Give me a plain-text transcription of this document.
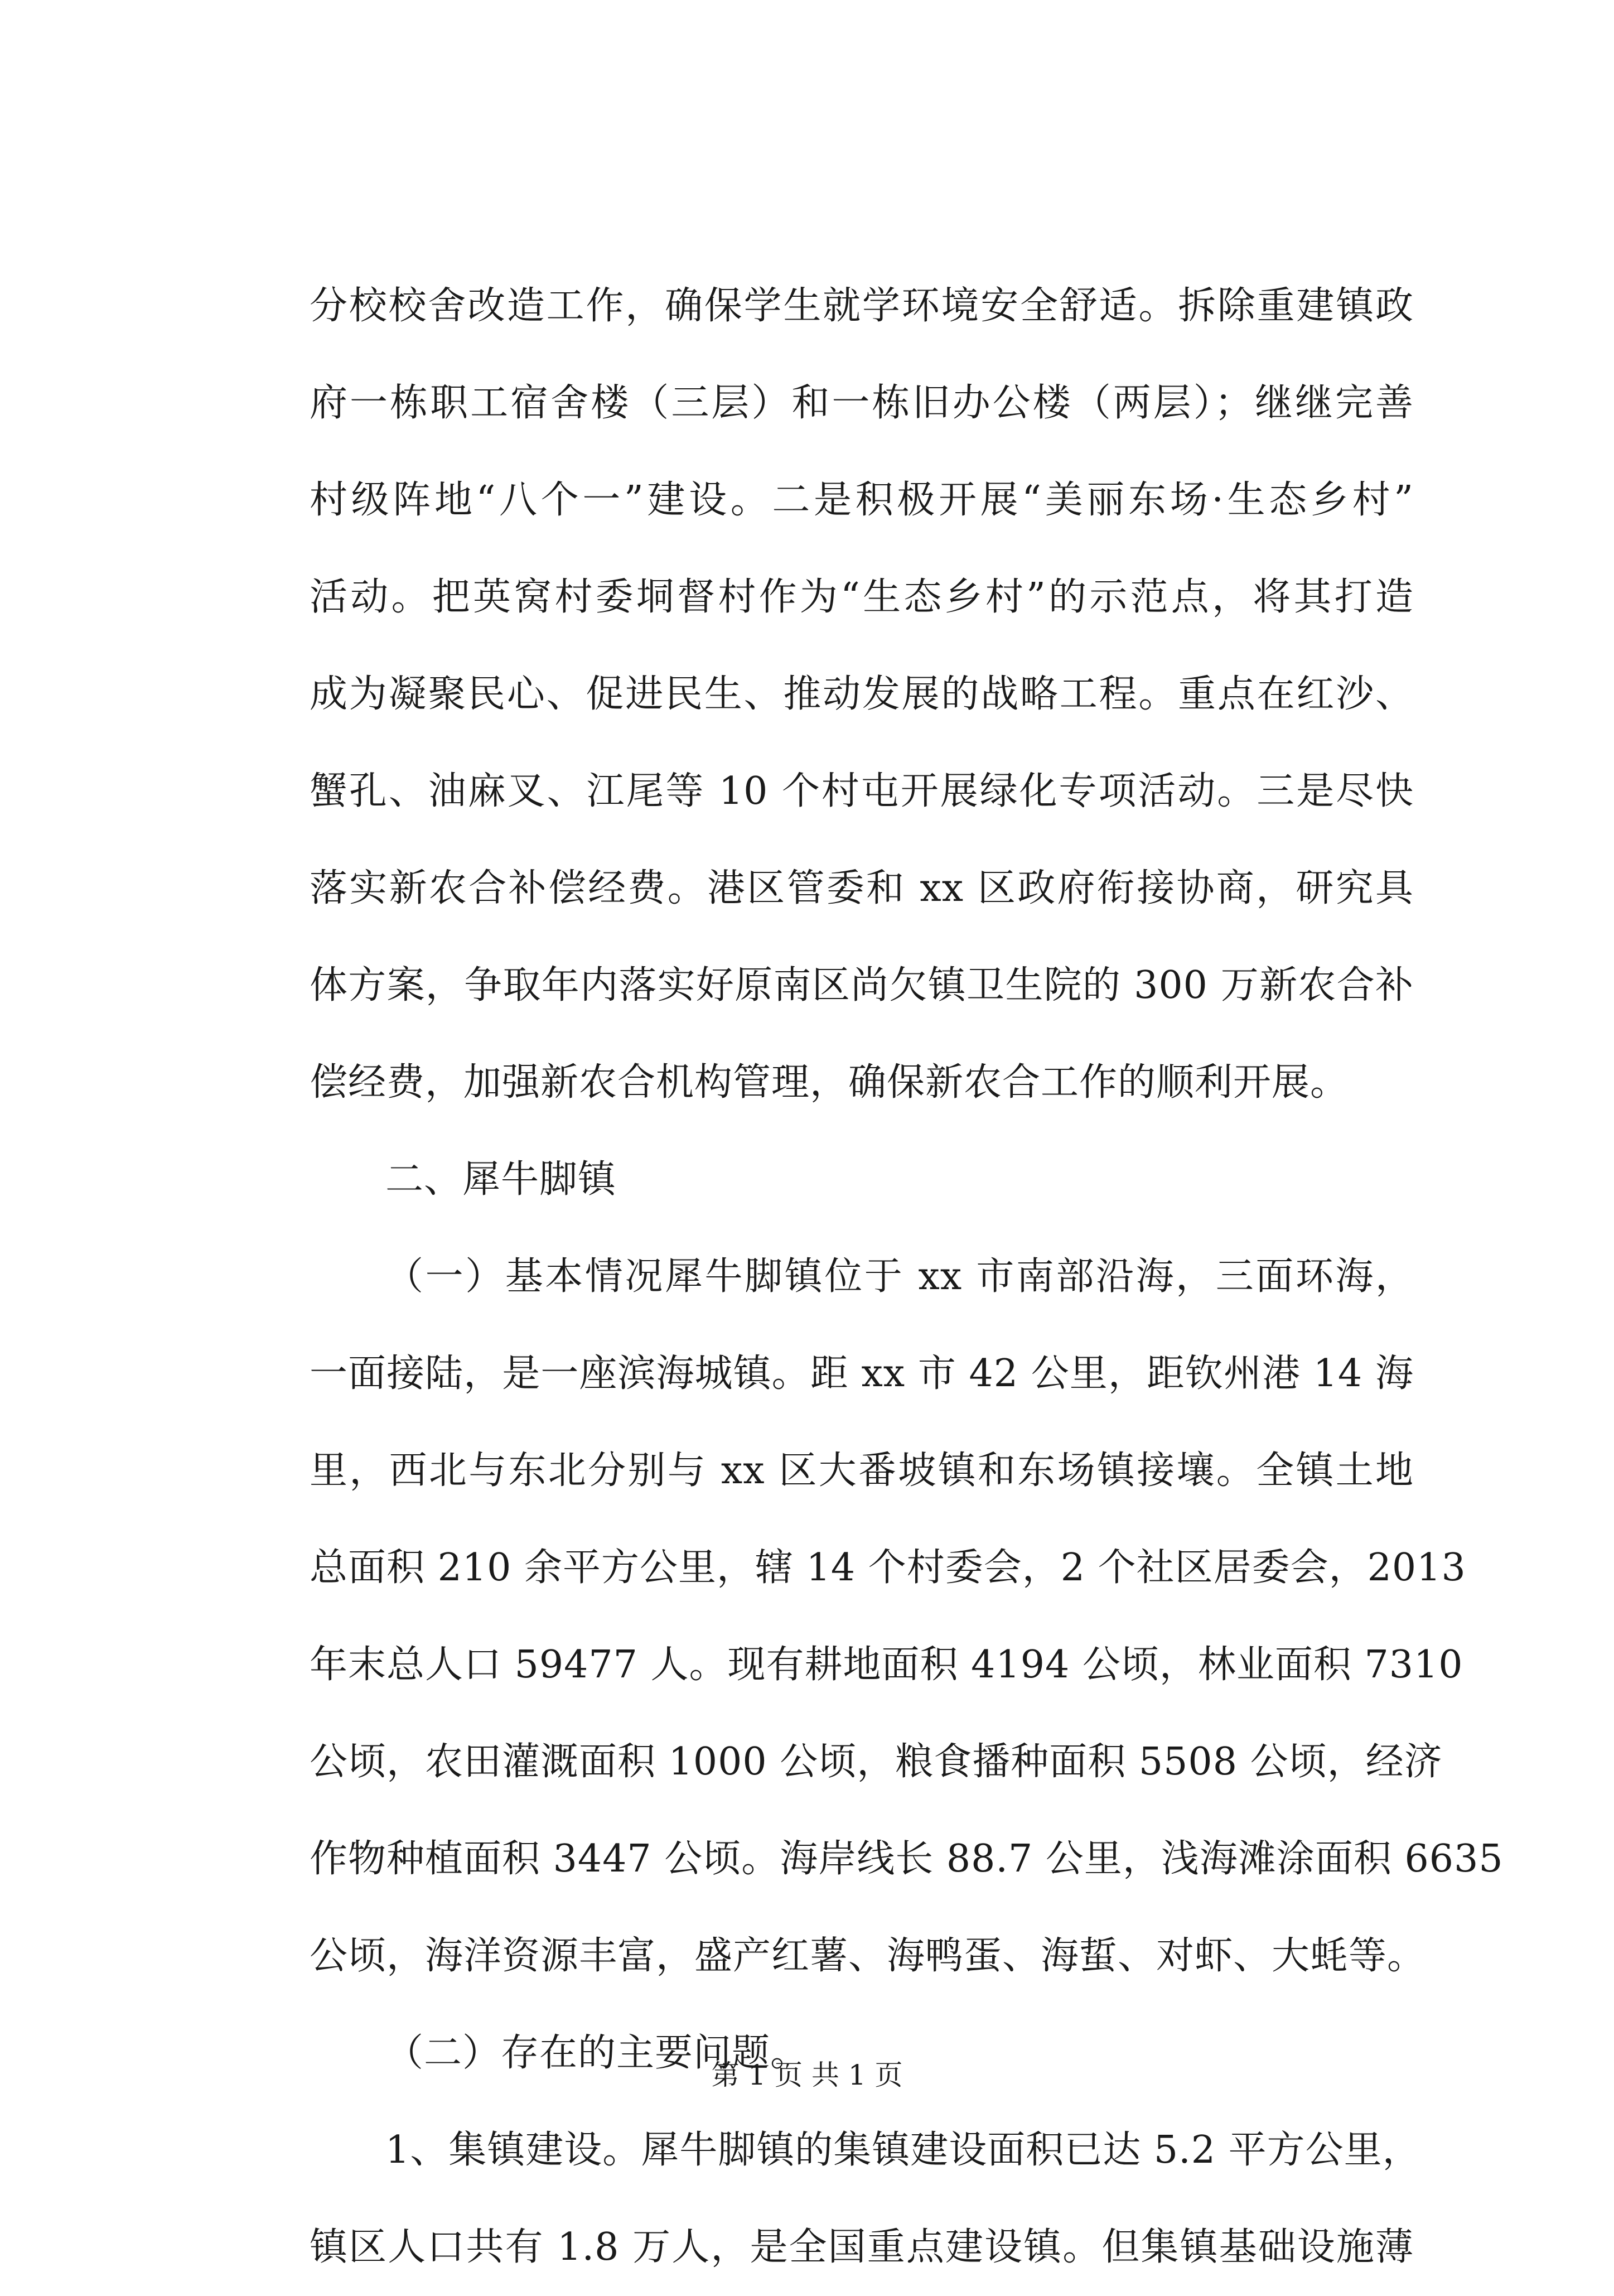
分校校舍改造工作，确保学生就学环境安全舒适。拆除重建镇政
府一栋职工宿舍楼（三层）和一栋旧办公楼（两层）；继继完善
村级阵地“八个一”建设。二是积极开展“美丽东场·生态乡村”
活动。把英窝村委垌督村作为“生态乡村”的示范点，将其打造
成为凝聚民心、促进民生、推动发展的战略工程。重点在红沙、
蟹孔、油麻叉、江尾等 10 个村屯开展绿化专项活动。三是尽快
落实新农合补偿经费。港区管委和 xx 区政府衔接协商，研究具
体方案，争取年内落实好原南区尚欠镇卫生院的 300 万新农合补
偿经费，加强新农合机构管理，确保新农合工作的顺利开展。
二、犀牛脚镇
（一）基本情况犀牛脚镇位于 xx 市南部沿海，三面环海，
一面接陆，是一座滨海城镇。距 xx 市 42 公里，距钦州港 14 海
里，西北与东北分别与 xx 区大番坡镇和东场镇接壤。全镇土地
总面积 210 余平方公里，辖 14 个村委会，2 个社区居委会，2013
年末总人口 59477 人。现有耕地面积 4194 公顷，林业面积 7310
公顷，农田灌溉面积 1000 公顷，粮食播种面积 5508 公顷，经济
作物种植面积 3447 公顷。海岸线长 88.7 公里，浅海滩涂面积 6635
公顷，海洋资源丰富，盛产红薯、海鸭蛋、海蜇、对虾、大蚝等。
（二）存在的主要问题。
1、集镇建设。犀牛脚镇的集镇建设面积已达 5.2 平方公里，
镇区人口共有 1.8 万人，是全国重点建设镇。但集镇基础设施薄
第 1 页 共 1 页
